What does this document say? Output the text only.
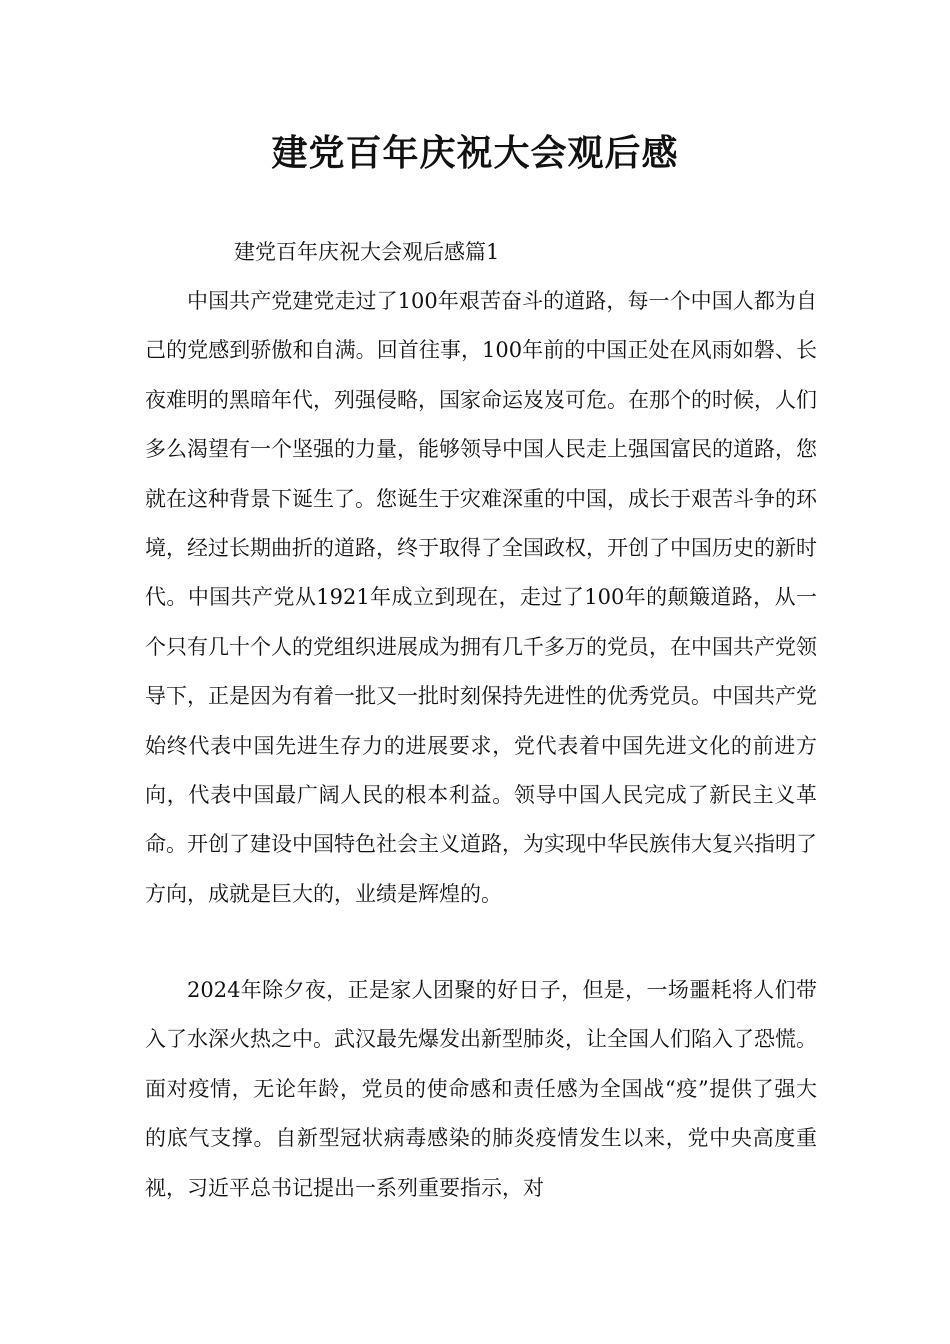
建党百年庆祝大会观后感

建党百年庆祝大会观后感篇1

中国共产党建党走过了100年艰苦奋斗的道路，每一个中国人都为自己的党感到骄傲和自满。回首往事，100年前的中国正处在风雨如磐、长夜难明的黑暗年代，列强侵略，国家命运岌岌可危。在那个的时候，人们多么渴望有一个坚强的力量，能够领导中国人民走上强国富民的道路，您就在这种背景下诞生了。您诞生于灾难深重的中国，成长于艰苦斗争的环境，经过长期曲折的道路，终于取得了全国政权，开创了中国历史的新时代。中国共产党从1921年成立到现在，走过了100年的颠簸道路，从一个只有几十个人的党组织进展成为拥有几千多万的党员，在中国共产党领导下，正是因为有着一批又一批时刻保持先进性的优秀党员。中国共产党始终代表中国先进生存力的进展要求，党代表着中国先进文化的前进方向，代表中国最广阔人民的根本利益。领导中国人民完成了新民主义革命。开创了建设中国特色社会主义道路，为实现中华民族伟大复兴指明了方向，成就是巨大的，业绩是辉煌的。

2024年除夕夜，正是家人团聚的好日子，但是，一场噩耗将人们带入了水深火热之中。武汉最先爆发出新型肺炎，让全国人们陷入了恐慌。面对疫情，无论年龄，党员的使命感和责任感为全国战“疫”提供了强大的底气支撑。自新型冠状病毒感染的肺炎疫情发生以来，党中央高度重视，习近平总书记提出一系列重要指示，对
